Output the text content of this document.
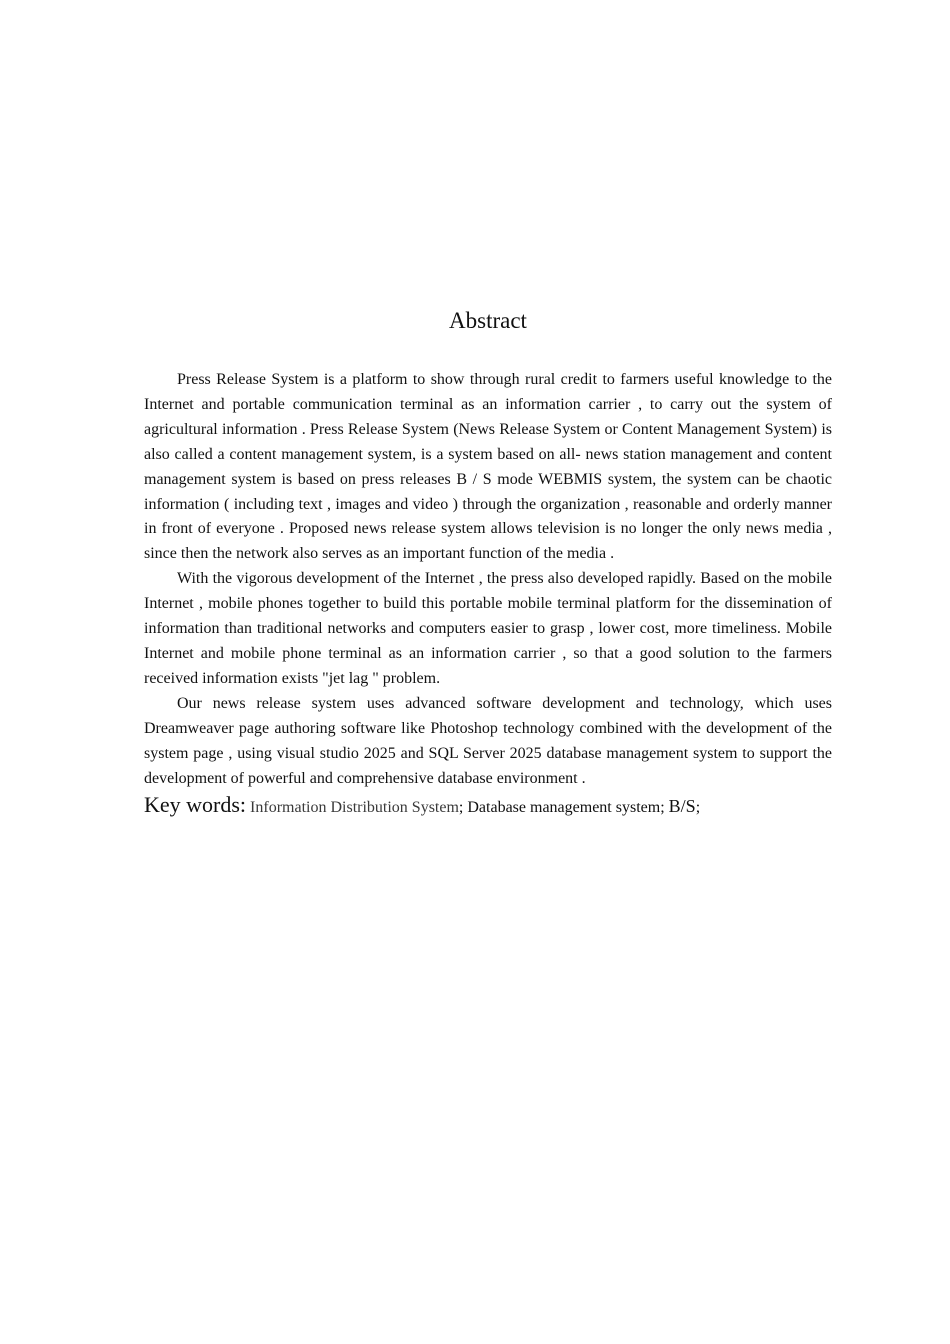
Abstract

Press Release System is a platform to show through rural credit to farmers useful knowledge to the Internet and portable communication terminal as an information carrier , to carry out the system of agricultural information . Press Release System (News Release System or Content Management System) is also called a content management system, is a system based on all- news station management and content management system is based on press releases B / S mode WEBMIS system, the system can be chaotic information ( including text , images and video ) through the organization , reasonable and orderly manner in front of everyone . Proposed news release system allows television is no longer the only news media , since then the network also serves as an important function of the media .

With the vigorous development of the Internet , the press also developed rapidly. Based on the mobile Internet , mobile phones together to build this portable mobile terminal platform for the dissemination of information than traditional networks and computers easier to grasp , lower cost, more timeliness. Mobile Internet and mobile phone terminal as an information carrier , so that a good solution to the farmers received information exists "jet lag " problem.

Our news release system uses advanced software development and technology, which uses Dreamweaver page authoring software like Photoshop technology combined with the development of the system page , using visual studio 2025 and SQL Server 2025 database management system to support the development of powerful and comprehensive database environment .

Key words: Information Distribution System; Database management system; B/S;
